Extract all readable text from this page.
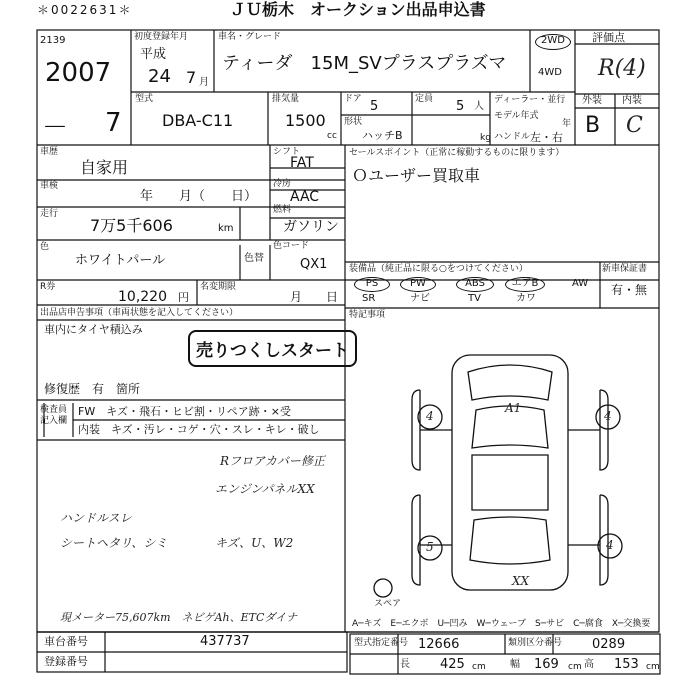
＊0022631＊	ＪＵ栃木　オークション出品申込書
2139
2007
－ 7
初度登録年月
平成
24 7 月
車名・グレード
ティーダ　15M_SVプラスプラズマ
2WD
4WD
評価点
R(4)
外装 内装
B C
型式
DBA-C11
排気量
1500
cc
ドア 5
形状
ハッチB
定員 5 人
kg
ディーラー・並行
モデル年式
年
ハンドル 左・右
車歴
自家用
車検
年　　月（　　日）
走行
7万5千606	km
色
ホワイトパール	色替
色コード
QX1
R券
10,220 円
名変期限
月　　日
シフト
FAT
冷房
AAC
燃料
ガソリン
セールスポイント（正常に稼動するものに限ります）
Ｏユーザー買取車
装備品（純正品に限る○をつけてください）
PS	PW	ABS	エアB	AW
SR	ナビ	TV	カワ
新車保証書
有・無
特記事項
出品店申告事項（車両状態を記入してください）
車内にタイヤ積込み
売りつくしスタート
修復歴　有　箇所
検査員記入欄
FW　キズ・飛石・ヒビ割・リペア跡・×受
内装　キズ・汚レ・コゲ・穴・スレ・キレ・破し
Rフロアカバー修正
エンジンパネルXX
ハンドルスレ
シートヘタリ、シミ	キズ、U、W2
現メーター75,607km　ネビゲAh、ETCダイナ
スペア
A1
XX
4	4
5	4
A─キズ　E─エクボ　U─凹み　W─ウェーブ　S─サビ　C─腐食　X─交換要
車台番号	437737
登録番号
型式指定番号 12666	類別区分番号 0289
長 425 cm 幅 169 cm 高 153 cm
